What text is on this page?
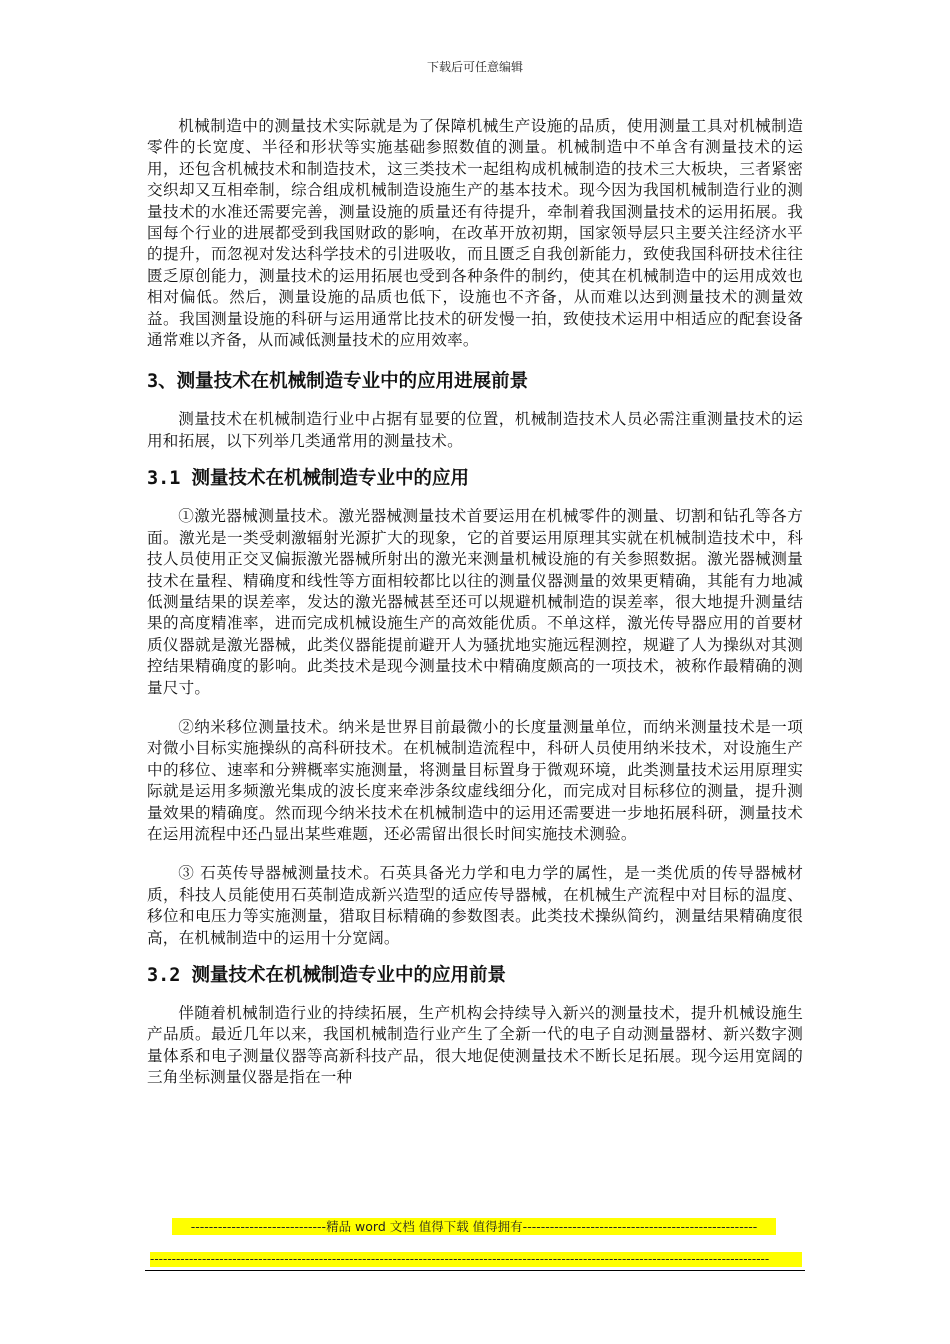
下载后可任意编辑

机械制造中的测量技术实际就是为了保障机械生产设施的品质，使用测量工具对机械制造零件的长宽度、半径和形状等实施基础参照数值的测量。机械制造中不单含有测量技术的运用，还包含机械技术和制造技术，这三类技术一起组构成机械制造的技术三大板块，三者紧密交织却又互相牵制，综合组成机械制造设施生产的基本技术。现今因为我国机械制造行业的测量技术的水准还需要完善，测量设施的质量还有待提升，牵制着我国测量技术的运用拓展。我国每个行业的进展都受到我国财政的影响，在改革开放初期，国家领导层只主要关注经济水平的提升，而忽视对发达科学技术的引进吸收，而且匮乏自我创新能力，致使我国科研技术往往匮乏原创能力，测量技术的运用拓展也受到各种条件的制约，使其在机械制造中的运用成效也相对偏低。然后，测量设施的品质也低下，设施也不齐备，从而难以达到测量技术的测量效益。我国测量设施的科研与运用通常比技术的研发慢一拍，致使技术运用中相适应的配套设备通常难以齐备，从而减低测量技术的应用效率。

3、测量技术在机械制造专业中的应用进展前景

测量技术在机械制造行业中占据有显要的位置，机械制造技术人员必需注重测量技术的运用和拓展，以下列举几类通常用的测量技术。

3.1 测量技术在机械制造专业中的应用

①激光器械测量技术。激光器械测量技术首要运用在机械零件的测量、切割和钻孔等各方面。激光是一类受刺激辐射光源扩大的现象，它的首要运用原理其实就在机械制造技术中，科技人员使用正交叉偏振激光器械所射出的激光来测量机械设施的有关参照数据。激光器械测量技术在量程、精确度和线性等方面相较都比以往的测量仪器测量的效果更精确，其能有力地减低测量结果的误差率，发达的激光器械甚至还可以规避机械制造的误差率，很大地提升测量结果的高度精准率，进而完成机械设施生产的高效能优质。不单这样，激光传导器应用的首要材质仪器就是激光器械，此类仪器能提前避开人为骚扰地实施远程测控，规避了人为操纵对其测控结果精确度的影响。此类技术是现今测量技术中精确度颇高的一项技术，被称作最精确的测量尺寸。

②纳米移位测量技术。纳米是世界目前最微小的长度量测量单位，而纳米测量技术是一项对微小目标实施操纵的高科研技术。在机械制造流程中，科研人员使用纳米技术，对设施生产中的移位、速率和分辨概率实施测量，将测量目标置身于微观环境，此类测量技术运用原理实际就是运用多频激光集成的波长度来牵涉条纹虚线细分化，而完成对目标移位的测量，提升测量效果的精确度。然而现今纳米技术在机械制造中的运用还需要进一步地拓展科研，测量技术在运用流程中还凸显出某些难题，还必需留出很长时间实施技术测验。

③ 石英传导器械测量技术。石英具备光力学和电力学的属性，是一类优质的传导器械材质，科技人员能使用石英制造成新兴造型的适应传导器械，在机械生产流程中对目标的温度、移位和电压力等实施测量，猎取目标精确的参数图表。此类技术操纵简约，测量结果精确度很高，在机械制造中的运用十分宽阔。

3.2 测量技术在机械制造专业中的应用前景

伴随着机械制造行业的持续拓展，生产机构会持续导入新兴的测量技术，提升机械设施生产品质。最近几年以来，我国机械制造行业产生了全新一代的电子自动测量器材、新兴数字测量体系和电子测量仪器等高新科技产品，很大地促使测量技术不断长足拓展。现今运用宽阔的三角坐标测量仪器是指在一种

------------------------------精品 word 文档 值得下载 值得拥有----------------------------------------------------
-----------------------------------------------------------------------------------------------------------------------------------------------
